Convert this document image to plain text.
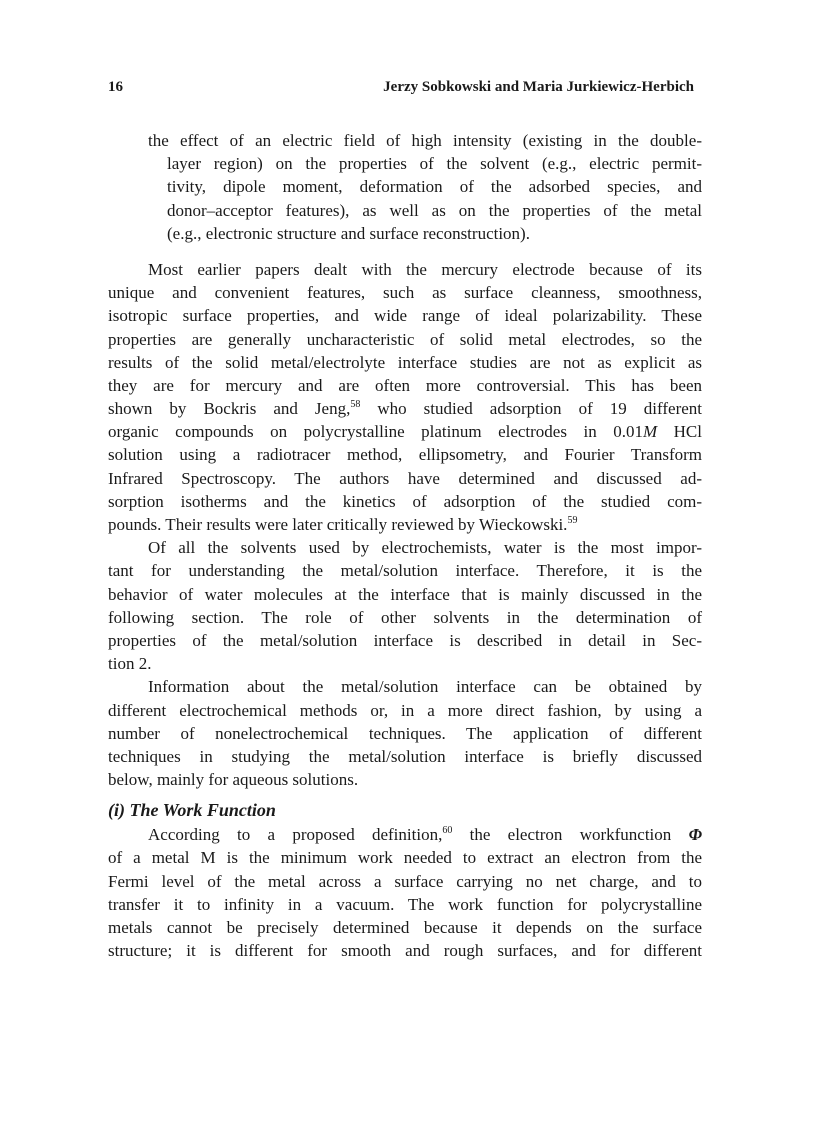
16	Jerzy Sobkowski and Maria Jurkiewicz-Herbich
the effect of an electric field of high intensity (existing in the double-
layer region) on the properties of the solvent (e.g., electric permit-
tivity, dipole moment, deformation of the adsorbed species, and
donor–acceptor features), as well as on the properties of the metal
(e.g., electronic structure and surface reconstruction).
Most earlier papers dealt with the mercury electrode because of its
unique and convenient features, such as surface cleanness, smoothness,
isotropic surface properties, and wide range of ideal polarizability. These
properties are generally uncharacteristic of solid metal electrodes, so the
results of the solid metal/electrolyte interface studies are not as explicit as
they are for mercury and are often more controversial. This has been
shown by Bockris and Jeng,$^{58}$ who studied adsorption of 19 different
organic compounds on polycrystalline platinum electrodes in 0.01M HCl
solution using a radiotracer method, ellipsometry, and Fourier Transform
Infrared Spectroscopy. The authors have determined and discussed ad-
sorption isotherms and the kinetics of adsorption of the studied com-
pounds. Their results were later critically reviewed by Wieckowski.$^{59}$
Of all the solvents used by electrochemists, water is the most impor-
tant for understanding the metal/solution interface. Therefore, it is the
behavior of water molecules at the interface that is mainly discussed in the
following section. The role of other solvents in the determination of
properties of the metal/solution interface is described in detail in Sec-
tion 2.
Information about the metal/solution interface can be obtained by
different electrochemical methods or, in a more direct fashion, by using a
number of nonelectrochemical techniques. The application of different
techniques in studying the metal/solution interface is briefly discussed
below, mainly for aqueous solutions.
(i) The Work Function
According to a proposed definition,$^{60}$ the electron workfunction Φ
of a metal M is the minimum work needed to extract an electron from the
Fermi level of the metal across a surface carrying no net charge, and to
transfer it to infinity in a vacuum. The work function for polycrystalline
metals cannot be precisely determined because it depends on the surface
structure; it is different for smooth and rough surfaces, and for different
